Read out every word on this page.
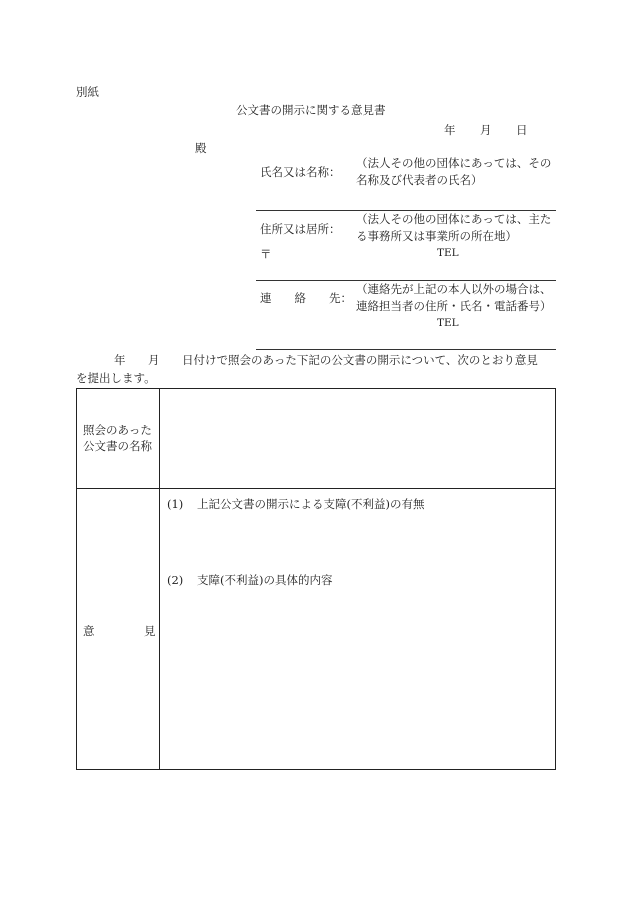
別紙
公文書の開示に関する意見書
年 月 日
殿
氏名又は名称：
（法人その他の団体にあっては、その
名称及び代表者の氏名）
住所又は居所：
（法人その他の団体にあっては、主た
る事務所又は事業所の所在地）
〒	TEL
連　　絡　　先：
（連絡先が上記の本人以外の場合は、
連絡担当者の住所・氏名・電話番号）
TEL
年 月 日付けで照会のあった下記の公文書の開示について、次のとおり意見
を提出します。
照会のあった
公文書の名称
意	見
(1) 上記公文書の開示による支障(不利益)の有無
(2) 支障(不利益)の具体的内容
